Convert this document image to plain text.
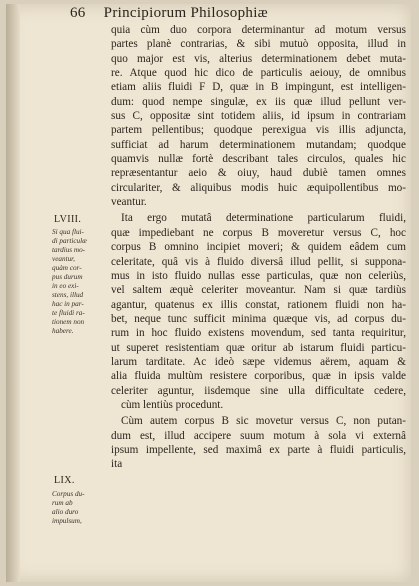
66 Principiorum Philosophiæ
quia cùm duo corpora determinantur ad motum versus
partes planè contrarias, & sibi mutuò opposita, illud in
quo major est vis, alterius determinationem debet muta-
re. Atque quod hic dico de particulis aeiouy, de omnibus
etiam aliis fluidi F D, quæ in B impingunt, est intelligen-
dum: quod nempe singulæ, ex iis quæ illud pellunt ver-
sus C, oppositæ sint totidem aliis, id ipsum in contrariam
partem pellentibus; quodque perexigua vis illis adjuncta,
sufficiat ad harum determinationem mutandam; quodque
quamvis nullæ fortè describant tales circulos, quales hic
repræsentantur aeio & oiuy, haud dubiè tamen omnes
circulariter, & aliquibus modis huic æquipollentibus mo-
veantur.
Ita ergo mutatâ determinatione particularum fluidi,
quæ impediebant ne corpus B moveretur versus C, hoc
corpus B omnino incipiet moveri; & quidem eâdem cum
celeritate, quâ vis à fluido diversâ illud pellit, si suppona-
mus in isto fluido nullas esse particulas, quæ non celeriùs,
vel saltem æquè celeriter moveantur. Nam si quæ tardiùs
agantur, quatenus ex illis constat, rationem fluidi non ha-
bet, neque tunc sufficit minima quæque vis, ad corpus du-
rum in hoc fluido existens movendum, sed tanta requiritur,
ut superet resistentiam quæ oritur ab istarum fluidi particu-
larum tarditate. Ac ideò sæpe videmus aërem, aquam &
alia fluida multùm resistere corporibus, quæ in ipsis valde
celeriter aguntur, iisdemque sine ulla difficultate cedere,
cùm lentiùs procedunt.
Cùm autem corpus B sic movetur versus C, non putan-
dum est, illud accipere suum motum à sola vi externâ
ipsum impellente, sed maximâ ex parte à fluidi particulis,
ita
LVIII.
Si qua flui-
di particulæ
tardius mo-
veantur,
quàm cor-
pus durum
in eo exi-
stens, illud
hac in par-
te fluidi ra-
tionem non
habere.
LIX.
Corpus du-
rum ab
alio duro
impulsum,
